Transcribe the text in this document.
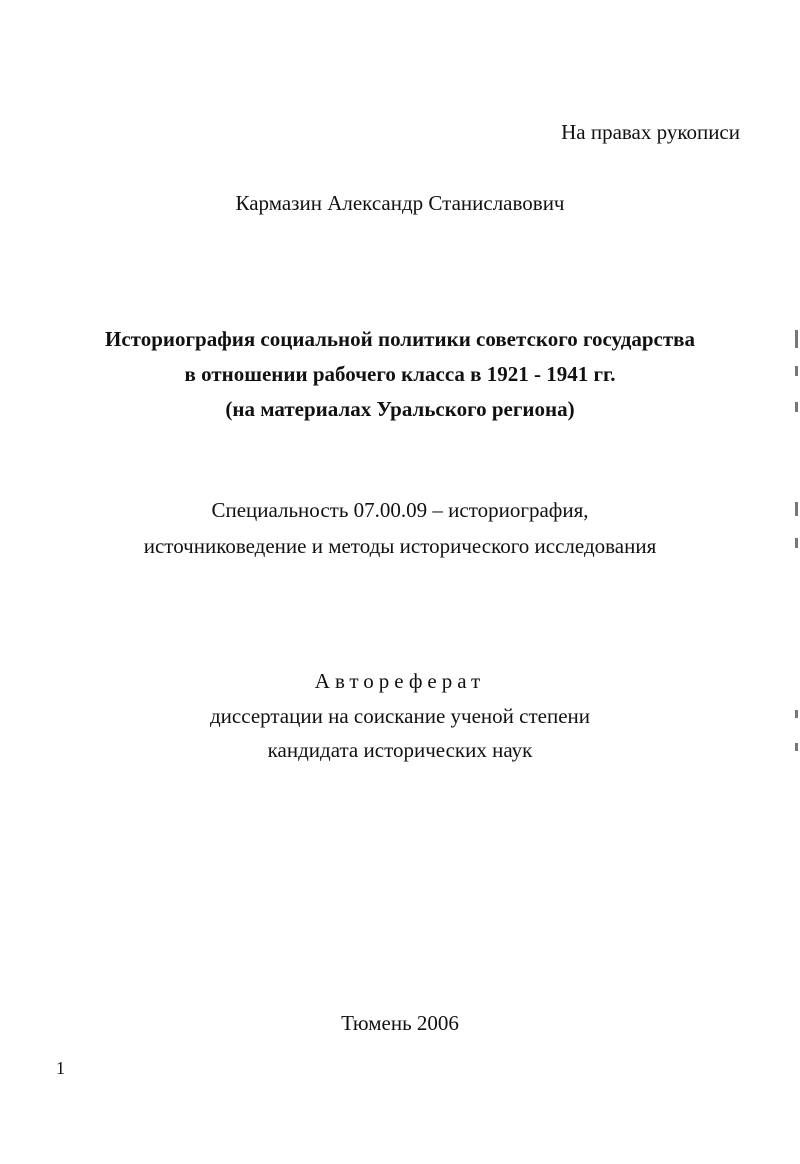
На правах рукописи
Кармазин Александр Станиславович
Историография социальной политики советского государства
в отношении рабочего класса в 1921 - 1941 гг.
(на материалах Уральского региона)
Специальность 07.00.09 – историография,
источниковедение и методы исторического исследования
Автореферат
диссертации на соискание ученой степени
кандидата исторических наук
Тюмень 2006
1
